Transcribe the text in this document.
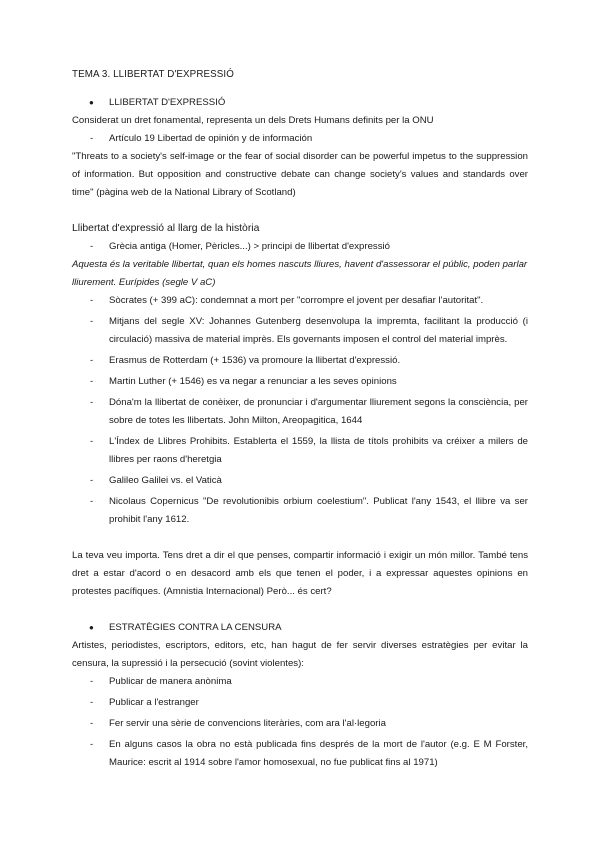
TEMA 3. LLIBERTAT D'EXPRESSIÓ

● LLIBERTAT D'EXPRESSIÓ

Considerat un dret fonamental, representa un dels Drets Humans definits per la ONU

- Artículo 19 Libertad de opinión y de información

"Threats to a society's self-image or the fear of social disorder can be powerful impetus to the suppression of information. But opposition and constructive debate can change society's values and standards over time" (pàgina web de la National Library of Scotland)

Llibertat d'expressió al llarg de la història

- Grècia antiga (Homer, Pèricles...) > principi de llibertat d'expressió

Aquesta és la veritable llibertat, quan els homes nascuts lliures, havent d'assessorar el públic, poden parlar lliurement. Eurípides (segle V aC)

- Sòcrates (+ 399 aC): condemnat a mort per "corrompre el jovent per desafiar l'autoritat".

- Mitjans del segle XV: Johannes Gutenberg desenvolupa la impremta, facilitant la producció (i circulació) massiva de material imprès. Els governants imposen el control del material imprès.

- Erasmus de Rotterdam (+ 1536) va promoure la llibertat d'expressió.

- Martin Luther (+ 1546) es va negar a renunciar a les seves opinions

- Dóna'm la llibertat de conèixer, de pronunciar i d'argumentar lliurement segons la consciència, per sobre de totes les llibertats. John Milton, Areopagitica, 1644

- L'Índex de Llibres Prohibits. Establerta el 1559, la llista de títols prohibits va créixer a milers de llibres per raons d'heretgia

- Galileo Galilei vs. el Vaticà

- Nicolaus Copernicus "De revolutionibis orbium coelestium". Publicat l'any 1543, el llibre va ser prohibit l'any 1612.

La teva veu importa. Tens dret a dir el que penses, compartir informació i exigir un món millor. També tens dret a estar d'acord o en desacord amb els que tenen el poder, i a expressar aquestes opinions en protestes pacífiques. (Amnistia Internacional) Però... és cert?

● ESTRATÈGIES CONTRA LA CENSURA

Artistes, periodistes, escriptors, editors, etc, han hagut de fer servir diverses estratègies per evitar la censura, la supressió i la persecució (sovint violentes):

- Publicar de manera anònima

- Publicar a l'estranger

- Fer servir una sèrie de convencions literàries, com ara l'al·legoria

- En alguns casos la obra no està publicada fins després de la mort de l'autor (e.g. E M Forster, Maurice: escrit al 1914 sobre l'amor homosexual, no fue publicat fins al 1971)
